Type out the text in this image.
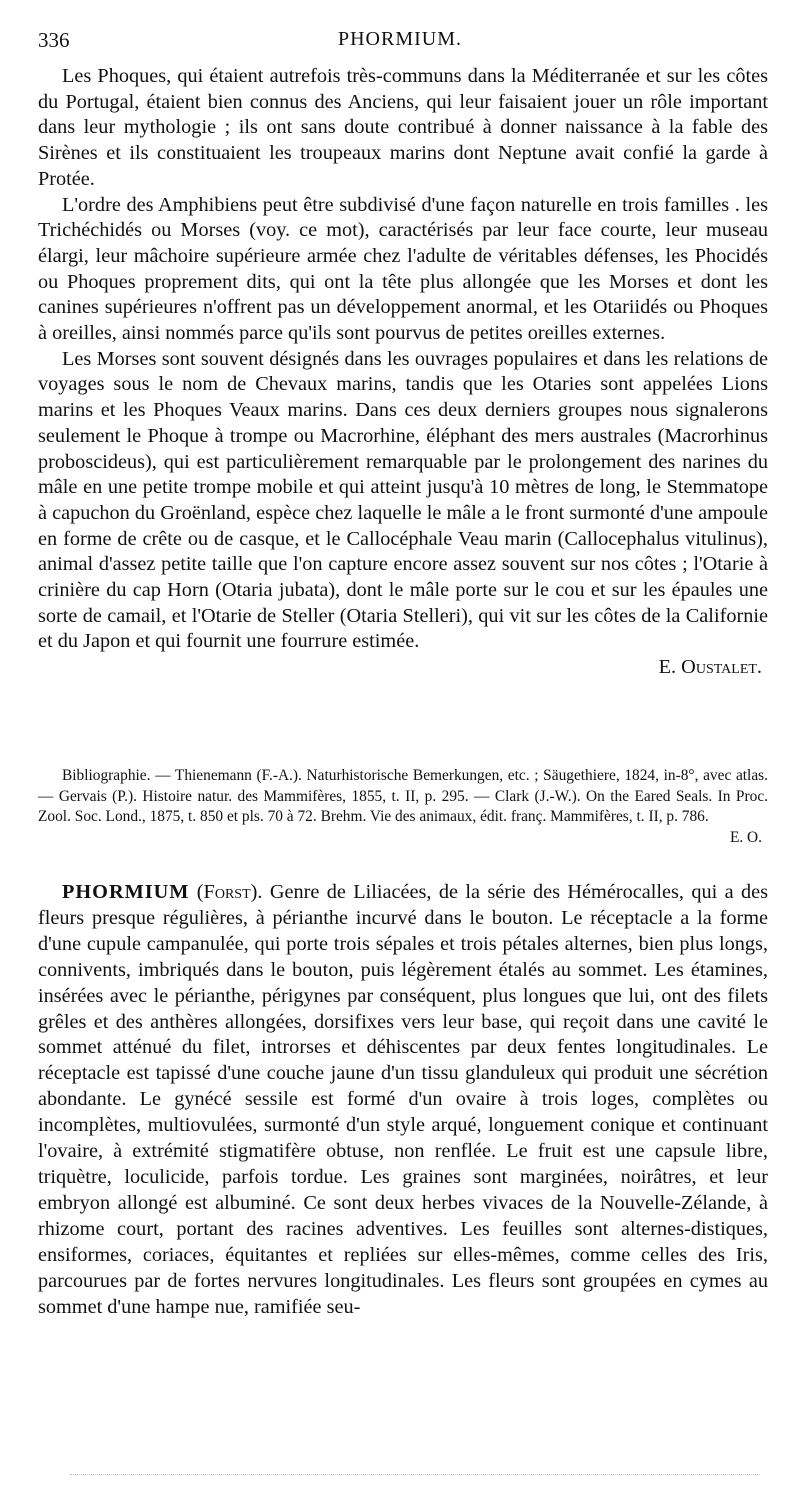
336	PHORMIUM.

Les Phoques, qui étaient autrefois très-communs dans la Méditerranée et sur les côtes du Portugal, étaient bien connus des Anciens, qui leur faisaient jouer un rôle important dans leur mythologie ; ils ont sans doute contribué à donner naissance à la fable des Sirènes et ils constituaient les troupeaux marins dont Neptune avait confié la garde à Protée.

L'ordre des Amphibiens peut être subdivisé d'une façon naturelle en trois familles . les Trichéchidés ou Morses (voy. ce mot), caractérisés par leur face courte, leur museau élargi, leur mâchoire supérieure armée chez l'adulte de véritables défenses, les Phocidés ou Phoques proprement dits, qui ont la tête plus allongée que les Morses et dont les canines supérieures n'offrent pas un développement anormal, et les Otariidés ou Phoques à oreilles, ainsi nommés parce qu'ils sont pourvus de petites oreilles externes.

Les Morses sont souvent désignés dans les ouvrages populaires et dans les relations de voyages sous le nom de Chevaux marins, tandis que les Otaries sont appelées Lions marins et les Phoques Veaux marins. Dans ces deux derniers groupes nous signalerons seulement le Phoque à trompe ou Macrorhine, éléphant des mers australes (Macrorhinus proboscideus), qui est particulièrement remarquable par le prolongement des narines du mâle en une petite trompe mobile et qui atteint jusqu'à 10 mètres de long, le Stemmatope à capuchon du Groënland, espèce chez laquelle le mâle a le front surmonté d'une ampoule en forme de crête ou de casque, et le Callocéphale Veau marin (Callocephalus vitulinus), animal d'assez petite taille que l'on capture encore assez souvent sur nos côtes ; l'Otarie à crinière du cap Horn (Otaria jubata), dont le mâle porte sur le cou et sur les épaules une sorte de camail, et l'Otarie de Steller (Otaria Stelleri), qui vit sur les côtes de la Californie et du Japon et qui fournit une fourrure estimée.

E. Oustalet.

Bibliographie. — Thienemann (F.-A.). Naturhistorische Bemerkungen, etc. ; Säugethiere, 1824, in-8°, avec atlas. — Gervais (P.). Histoire natur. des Mammifères, 1855, t. II, p. 295. — Clark (J.-W.). On the Eared Seals. In Proc. Zool. Soc. Lond., 1875, t. 850 et pls. 70 à 72. Brehm. Vie des animaux, édit. franç. Mammifères, t. II, p. 786.

E. O.

PHORMIUM (Forst). Genre de Liliacées, de la série des Hémérocalles, qui a des fleurs presque régulières, à périanthe incurvé dans le bouton. Le réceptacle a la forme d'une cupule campanulée, qui porte trois sépales et trois pétales alternes, bien plus longs, connivents, imbriqués dans le bouton, puis légèrement étalés au sommet. Les étamines, insérées avec le périanthe, périgynes par conséquent, plus longues que lui, ont des filets grêles et des anthères allongées, dorsifixes vers leur base, qui reçoit dans une cavité le sommet atténué du filet, introrses et déhiscentes par deux fentes longitudinales. Le réceptacle est tapissé d'une couche jaune d'un tissu glanduleux qui produit une sécrétion abondante. Le gynécé sessile est formé d'un ovaire à trois loges, complètes ou incomplètes, multiovulées, surmonté d'un style arqué, longuement conique et continuant l'ovaire, à extrémité stigmatifère obtuse, non renflée. Le fruit est une capsule libre, triquètre, loculicide, parfois tordue. Les graines sont marginées, noirâtres, et leur embryon allongé est albuminé. Ce sont deux herbes vivaces de la Nouvelle-Zélande, à rhizome court, portant des racines adventives. Les feuilles sont alternes-distiques, ensiformes, coriaces, équitantes et repliées sur elles-mêmes, comme celles des Iris, parcourues par de fortes nervures longitudinales. Les fleurs sont groupées en cymes au sommet d'une hampe nue, ramifiée seu-
